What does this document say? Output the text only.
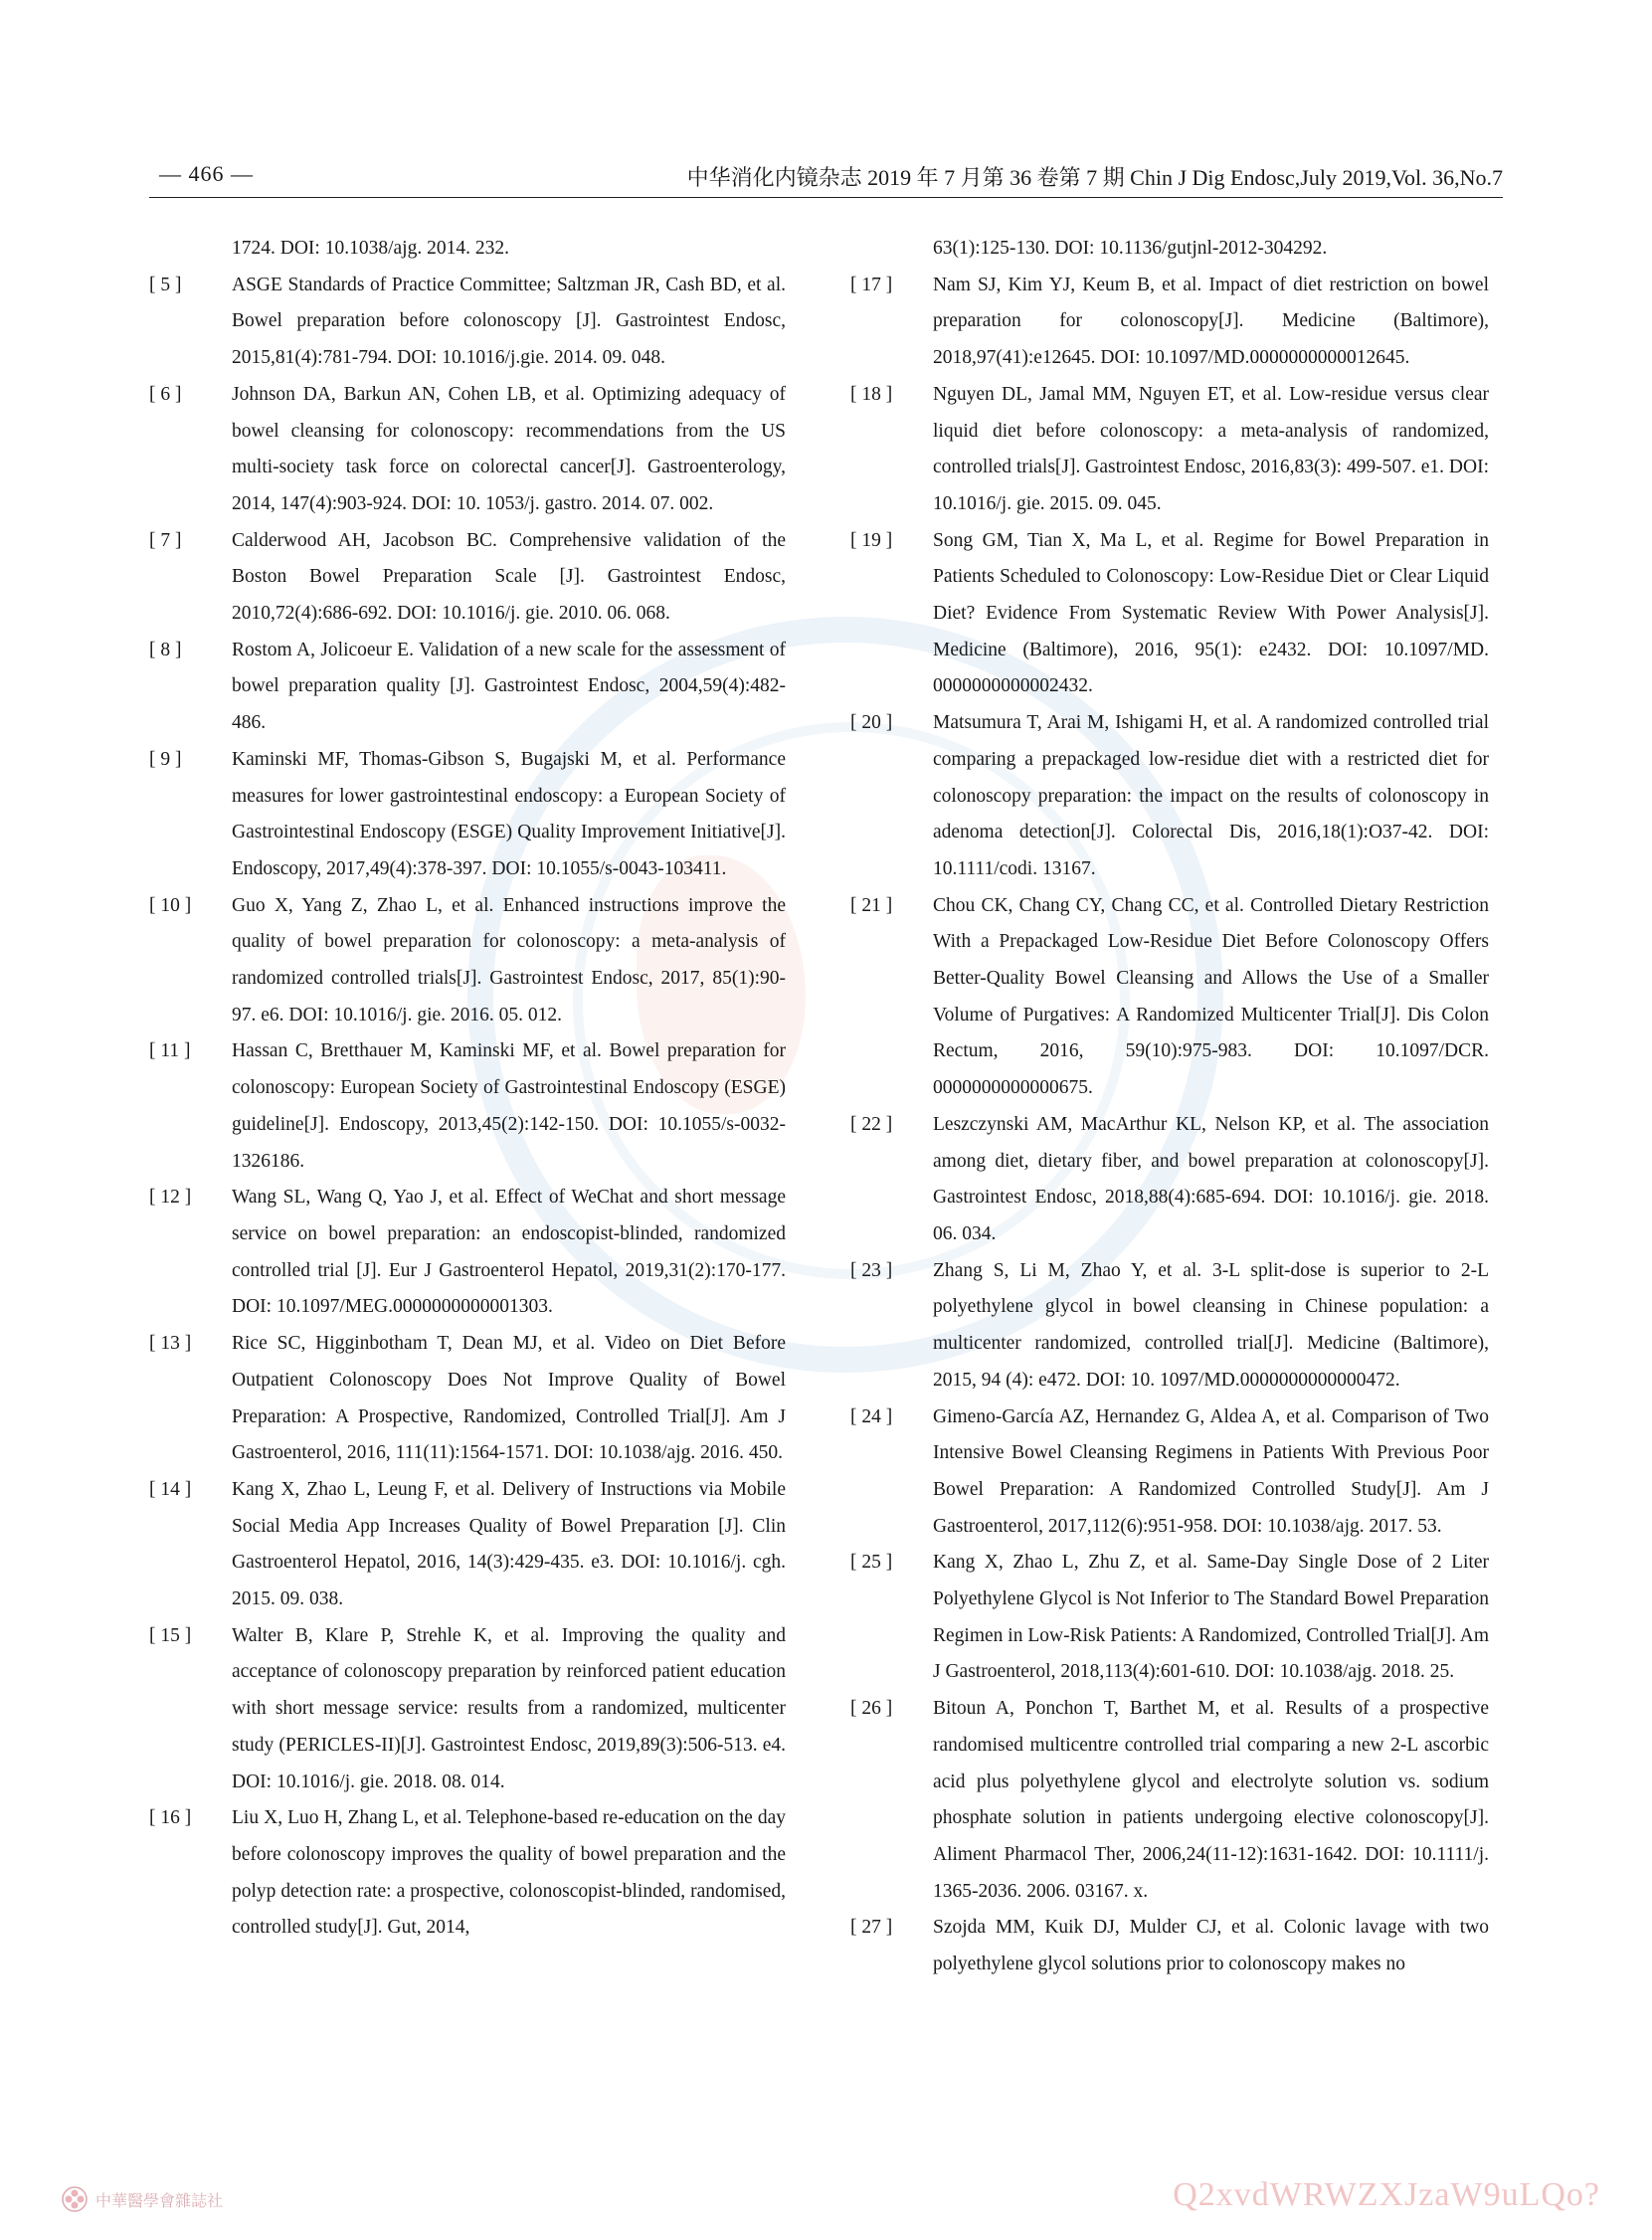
— 466 —	中华消化内镜杂志 2019 年 7 月第 36 卷第 7 期 Chin J Dig Endosc,July 2019,Vol. 36,No.7
1724. DOI: 10.1038/ajg. 2014. 232.
[ 5 ]	ASGE Standards of Practice Committee; Saltzman JR, Cash BD, et al. Bowel preparation before colonoscopy [J]. Gastrointest Endosc, 2015,81(4):781-794. DOI: 10.1016/j.gie. 2014. 09. 048.
[ 6 ]	Johnson DA, Barkun AN, Cohen LB, et al. Optimizing adequacy of bowel cleansing for colonoscopy: recommendations from the US multi-society task force on colorectal cancer[J]. Gastroenterology, 2014, 147(4):903-924. DOI: 10. 1053/j. gastro. 2014. 07. 002.
[ 7 ]	Calderwood AH, Jacobson BC. Comprehensive validation of the Boston Bowel Preparation Scale [J]. Gastrointest Endosc, 2010,72(4):686-692. DOI: 10.1016/j. gie. 2010. 06. 068.
[ 8 ]	Rostom A, Jolicoeur E. Validation of a new scale for the assessment of bowel preparation quality [J]. Gastrointest Endosc, 2004,59(4):482-486.
[ 9 ]	Kaminski MF, Thomas-Gibson S, Bugajski M, et al. Performance measures for lower gastrointestinal endoscopy: a European Society of Gastrointestinal Endoscopy (ESGE) Quality Improvement Initiative[J]. Endoscopy, 2017,49(4):378-397. DOI: 10.1055/s-0043-103411.
[ 10 ]	Guo X, Yang Z, Zhao L, et al. Enhanced instructions improve the quality of bowel preparation for colonoscopy: a meta-analysis of randomized controlled trials[J]. Gastrointest Endosc, 2017, 85(1):90-97. e6. DOI: 10.1016/j. gie. 2016. 05. 012.
[ 11 ]	Hassan C, Bretthauer M, Kaminski MF, et al. Bowel preparation for colonoscopy: European Society of Gastrointestinal Endoscopy (ESGE) guideline[J]. Endoscopy, 2013,45(2):142-150. DOI: 10.1055/s-0032-1326186.
[ 12 ]	Wang SL, Wang Q, Yao J, et al. Effect of WeChat and short message service on bowel preparation: an endoscopist-blinded, randomized controlled trial [J]. Eur J Gastroenterol Hepatol, 2019,31(2):170-177. DOI: 10.1097/MEG.0000000000001303.
[ 13 ]	Rice SC, Higginbotham T, Dean MJ, et al. Video on Diet Before Outpatient Colonoscopy Does Not Improve Quality of Bowel Preparation: A Prospective, Randomized, Controlled Trial[J]. Am J Gastroenterol, 2016, 111(11):1564-1571. DOI: 10.1038/ajg. 2016. 450.
[ 14 ]	Kang X, Zhao L, Leung F, et al. Delivery of Instructions via Mobile Social Media App Increases Quality of Bowel Preparation [J]. Clin Gastroenterol Hepatol, 2016, 14(3):429-435. e3. DOI: 10.1016/j. cgh. 2015. 09. 038.
[ 15 ]	Walter B, Klare P, Strehle K, et al. Improving the quality and acceptance of colonoscopy preparation by reinforced patient education with short message service: results from a randomized, multicenter study (PERICLES-II)[J]. Gastrointest Endosc, 2019,89(3):506-513. e4. DOI: 10.1016/j. gie. 2018. 08. 014.
[ 16 ]	Liu X, Luo H, Zhang L, et al. Telephone-based re-education on the day before colonoscopy improves the quality of bowel preparation and the polyp detection rate: a prospective, colonoscopist-blinded, randomised, controlled study[J]. Gut, 2014,
63(1):125-130. DOI: 10.1136/gutjnl-2012-304292.
[ 17 ]	Nam SJ, Kim YJ, Keum B, et al. Impact of diet restriction on bowel preparation for colonoscopy[J]. Medicine (Baltimore), 2018,97(41):e12645. DOI: 10.1097/MD.0000000000012645.
[ 18 ]	Nguyen DL, Jamal MM, Nguyen ET, et al. Low-residue versus clear liquid diet before colonoscopy: a meta-analysis of randomized, controlled trials[J]. Gastrointest Endosc, 2016,83(3): 499-507. e1. DOI: 10.1016/j. gie. 2015. 09. 045.
[ 19 ]	Song GM, Tian X, Ma L, et al. Regime for Bowel Preparation in Patients Scheduled to Colonoscopy: Low-Residue Diet or Clear Liquid Diet? Evidence From Systematic Review With Power Analysis[J]. Medicine (Baltimore), 2016, 95(1): e2432. DOI: 10.1097/MD. 0000000000002432.
[ 20 ]	Matsumura T, Arai M, Ishigami H, et al. A randomized controlled trial comparing a prepackaged low-residue diet with a restricted diet for colonoscopy preparation: the impact on the results of colonoscopy in adenoma detection[J]. Colorectal Dis, 2016,18(1):O37-42. DOI: 10.1111/codi. 13167.
[ 21 ]	Chou CK, Chang CY, Chang CC, et al. Controlled Dietary Restriction With a Prepackaged Low-Residue Diet Before Colonoscopy Offers Better-Quality Bowel Cleansing and Allows the Use of a Smaller Volume of Purgatives: A Randomized Multicenter Trial[J]. Dis Colon Rectum, 2016, 59(10):975-983. DOI: 10.1097/DCR. 0000000000000675.
[ 22 ]	Leszczynski AM, MacArthur KL, Nelson KP, et al. The association among diet, dietary fiber, and bowel preparation at colonoscopy[J]. Gastrointest Endosc, 2018,88(4):685-694. DOI: 10.1016/j. gie. 2018. 06. 034.
[ 23 ]	Zhang S, Li M, Zhao Y, et al. 3-L split-dose is superior to 2-L polyethylene glycol in bowel cleansing in Chinese population: a multicenter randomized, controlled trial[J]. Medicine (Baltimore), 2015, 94 (4): e472. DOI: 10. 1097/MD.0000000000000472.
[ 24 ]	Gimeno-García AZ, Hernandez G, Aldea A, et al. Comparison of Two Intensive Bowel Cleansing Regimens in Patients With Previous Poor Bowel Preparation: A Randomized Controlled Study[J]. Am J Gastroenterol, 2017,112(6):951-958. DOI: 10.1038/ajg. 2017. 53.
[ 25 ]	Kang X, Zhao L, Zhu Z, et al. Same-Day Single Dose of 2 Liter Polyethylene Glycol is Not Inferior to The Standard Bowel Preparation Regimen in Low-Risk Patients: A Randomized, Controlled Trial[J]. Am J Gastroenterol, 2018,113(4):601-610. DOI: 10.1038/ajg. 2018. 25.
[ 26 ]	Bitoun A, Ponchon T, Barthet M, et al. Results of a prospective randomised multicentre controlled trial comparing a new 2-L ascorbic acid plus polyethylene glycol and electrolyte solution vs. sodium phosphate solution in patients undergoing elective colonoscopy[J]. Aliment Pharmacol Ther, 2006,24(11-12):1631-1642. DOI: 10.1111/j. 1365-2036. 2006. 03167. x.
[ 27 ]	Szojda MM, Kuik DJ, Mulder CJ, et al. Colonic lavage with two polyethylene glycol solutions prior to colonoscopy makes no
中華醫學會雜誌社	Q2xvdWRWZXJzaW9uLQo?
